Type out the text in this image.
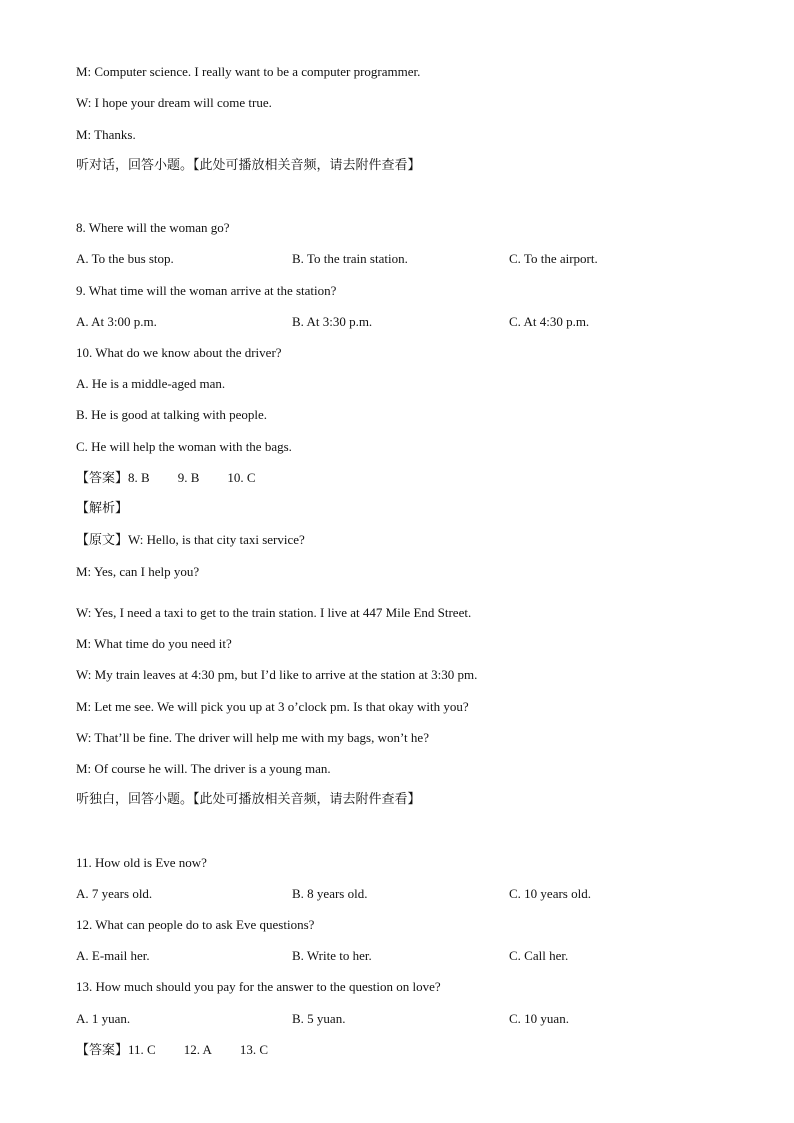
M: Computer science. I really want to be a computer programmer.
W: I hope your dream will come true.
M: Thanks.
听对话，回答小题。【此处可播放相关音频，请去附件查看】
8. Where will the woman go?
A. To the bus stop.	B. To the train station.	C. To the airport.
9. What time will the woman arrive at the station?
A. At 3:00 p.m.	B. At 3:30 p.m.	C. At 4:30 p.m.
10. What do we know about the driver?
A. He is a middle-aged man.
B. He is good at talking with people.
C. He will help the woman with the bags.
【答案】8. B 9. B 10. C
【解析】
【原文】W: Hello, is that city taxi service?
M: Yes, can I help you?
W: Yes, I need a taxi to get to the train station. I live at 447 Mile End Street.
M: What time do you need it?
W: My train leaves at 4:30 pm, but I’d like to arrive at the station at 3:30 pm.
M: Let me see. We will pick you up at 3 o’clock pm. Is that okay with you?
W: That’ll be fine. The driver will help me with my bags, won’t he?
M: Of course he will. The driver is a young man.
听独白，回答小题。【此处可播放相关音频，请去附件查看】
11. How old is Eve now?
A. 7 years old.	B. 8 years old.	C. 10 years old.
12. What can people do to ask Eve questions?
A. E-mail her.	B. Write to her.	C. Call her.
13. How much should you pay for the answer to the question on love?
A. 1 yuan.	B. 5 yuan.	C. 10 yuan.
【答案】11. C 12. A 13. C
